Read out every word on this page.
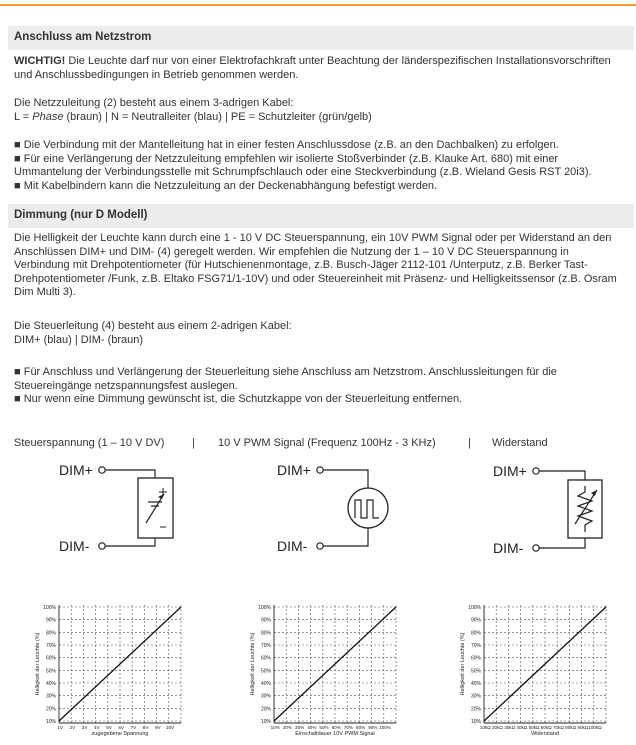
Anschluss am Netzstrom
WICHTIG! Die Leuchte darf nur von einer Elektrofachkraft unter Beachtung der länderspezifischen Installationsvorschriften und Anschlussbedingungen in Betrieb genommen werden.
Die Netzzuleitung (2) besteht aus einem 3-adrigen Kabel:
L = Phase (braun) | N = Neutralleiter (blau) | PE = Schutzleiter (grün/gelb)
■ Die Verbindung mit der Mantelleitung hat in einer festen Anschlussdose (z.B. an den Dachbalken) zu erfolgen.
■ Für eine Verlängerung der Netzzuleitung empfehlen wir isolierte Stoßverbinder (z.B. Klauke Art. 680) mit einer Ummantelung der Verbindungsstelle mit Schrumpfschlauch oder eine Steckverbindung (z.B. Wieland Gesis RST 20i3).
■ Mit Kabelbindern kann die Netzzuleitung an der Deckenabhängung befestigt werden.
Dimmung (nur D Modell)
Die Helligkeit der Leuchte kann durch eine 1 - 10 V DC Steuerspannung, ein 10V PWM Signal oder per Widerstand an den Anschlüssen DIM+ und DIM- (4) geregelt werden. Wir empfehlen die Nutzung der 1 – 10 V DC Steuerspannung in Verbindung mit Drehpotentiometer (für Hutschienenmontage, z.B. Busch-Jäger 2112-101 /Unterputz, z.B. Berker Tast-Drehpotentiometer /Funk, z.B. Eltako FSG71/1-10V) und oder Steuereinheit mit Präsenz- und Helligkeitssensor (z.B. Osram Dim Multi 3).
Die Steuerleitung (4) besteht aus einem 2-adrigen Kabel:
DIM+ (blau) | DIM- (braun)
■ Für Anschluss und Verlängerung der Steuerleitung siehe Anschluss am Netzstrom. Anschlussleitungen für die Steuereingänge netzspannungsfest auslegen.
■ Nur wenn eine Dimmung gewünscht ist, die Schutzkappe von der Steuerleitung entfernen.
Steuerspannung (1 – 10 V DV)	| 10 V PWM Signal (Frequenz 100Hz - 3 KHz)	| Widerstand
DIM+
DIM-
DIM+
DIM-
DIM+
DIM-
10%
20%
30%
40%
50%
60%
70%
80%
90%
100%
1V 2V 3V 4V 5V 6V 7V 8V 9V 10V
zugegebene Spannung
Helligkeit der Leuchte (%)
10%
20%
30%
40%
50%
60%
70%
80%
90%
100%
10% 20% 30% 40% 50% 60% 70% 80% 90% 100%
Einschaltdauer 10V PWM Signal
Helligkeit der Leuchte (%)
10%
20%
30%
40%
50%
60%
70%
80%
90%
100%
10kΩ 20kΩ 30kΩ 40kΩ 50kΩ 60kΩ 70kΩ 80kΩ 90kΩ 100kΩ
Widerstand
Helligkeit der Leuchte (%)
